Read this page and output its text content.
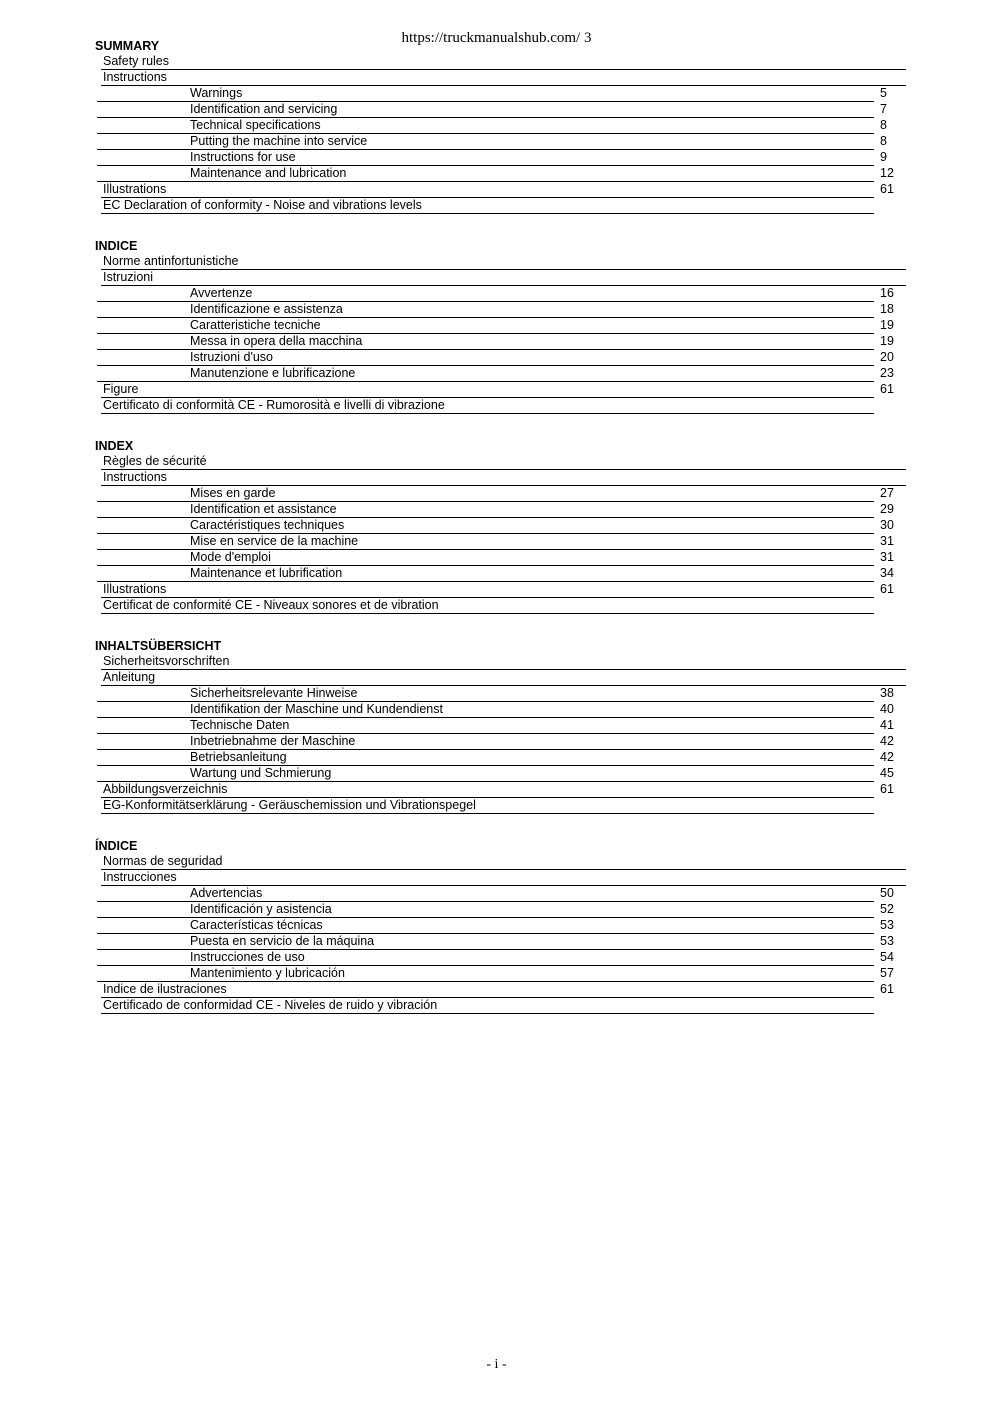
https://truckmanualshub.com/ 3
SUMMARY
Safety rules
Instructions
Warnings	5
Identification and servicing	7
Technical specifications	8
Putting the machine into service	8
Instructions for use	9
Maintenance and lubrication	12
Illustrations	61
EC Declaration of conformity - Noise and vibrations levels
INDICE
Norme antinfortunistiche
Istruzioni
Avvertenze	16
Identificazione e assistenza	18
Caratteristiche tecniche	19
Messa in opera della macchina	19
Istruzioni d'uso	20
Manutenzione e lubrificazione	23
Figure	61
Certificato di conformità CE - Rumorosità e livelli di vibrazione
INDEX
Règles de sécurité
Instructions
Mises en garde	27
Identification et assistance	29
Caractéristiques techniques	30
Mise en service de la machine	31
Mode d'emploi	31
Maintenance et lubrification	34
Illustrations	61
Certificat de conformité CE - Niveaux sonores et de vibration
INHALTSÜBERSICHT
Sicherheitsvorschriften
Anleitung
Sicherheitsrelevante Hinweise	38
Identifikation der Maschine und Kundendienst	40
Technische Daten	41
Inbetriebnahme der Maschine	42
Betriebsanleitung	42
Wartung und Schmierung	45
Abbildungsverzeichnis	61
EG-Konformitätserklärung - Geräuschemission und Vibrationspegel
ÍNDICE
Normas de seguridad
Instrucciones
Advertencias	50
Identificación y asistencia	52
Características técnicas	53
Puesta en servicio de la máquina	53
Instrucciones de uso	54
Mantenimiento y lubricación	57
Indice de ilustraciones	61
Certificado de conformidad CE - Niveles de ruido y vibración
- i -
